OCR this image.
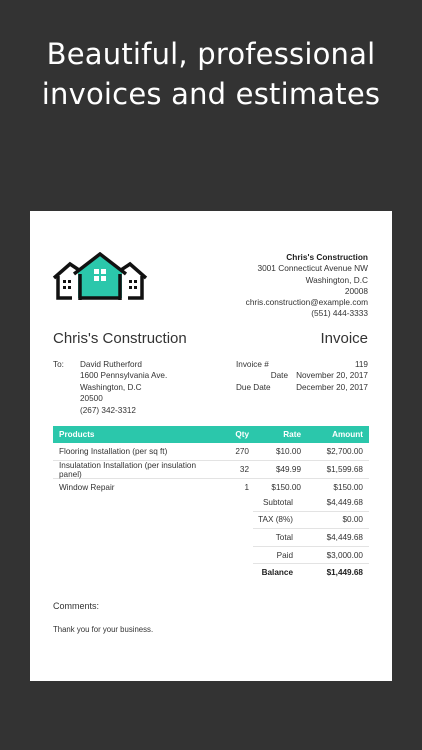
Beautiful, professional
invoices and estimates
Chris's Construction
3001 Connecticut Avenue NW
Washington, D.C
20008
chris.construction@example.com
(551) 444-3333
Chris's Construction	Invoice
To:	David Rutherford
1600 Pennsylvania Ave.
Washington, D.C
20500
(267) 342-3312
Invoice #	119
Date November 20, 2017
Due Date	December 20, 2017
Products	Qty	Rate	Amount
Flooring Installation (per sq ft)	270	$10.00	$2,700.00
Insulatation Installation (per insulation panel)	32	$49.99	$1,599.68
Window Repair	1	$150.00	$150.00
Subtotal	$4,449.68
TAX (8%)	$0.00
Total	$4,449.68
Paid	$3,000.00
Balance	$1,449.68
Comments:
Thank you for your business.
